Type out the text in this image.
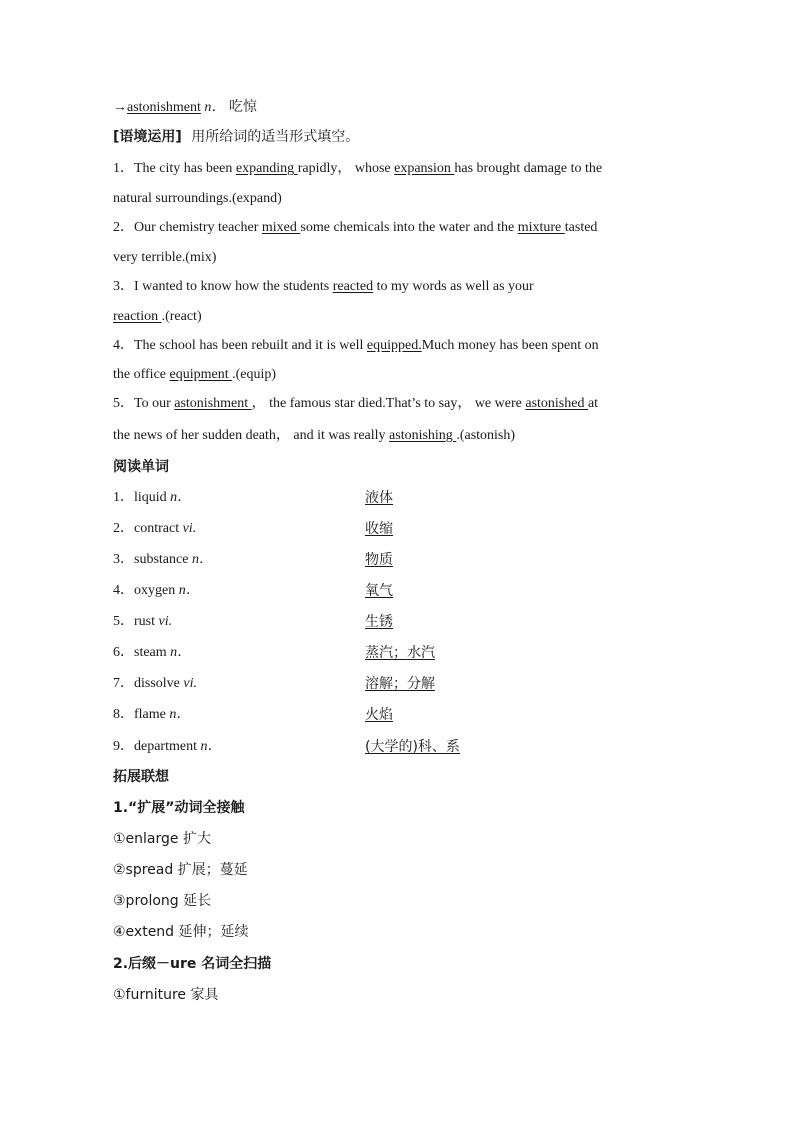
→astonishment n． 吃惊
[语境运用] 用所给词的适当形式填空。
1．The city has been expanding rapidly， whose expansion has brought damage to the
natural surroundings.(expand)
2．Our chemistry teacher mixed some chemicals into the water and the mixture tasted
very terrible.(mix)
3．I wanted to know how the students reacted to my words as well as your
reaction .(react)
4．The school has been rebuilt and it is well equipped.Much money has been spent on
the office equipment .(equip)
5．To our astonishment ， the famous star died.That’s to say， we were astonished at
the news of her sudden death， and it was really astonishing .(astonish)
阅读单词
1．liquid n．	液体
2．contract vi.	收缩
3．substance n．	物质
4．oxygen n．	氧气
5．rust vi.	生锈
6．steam n．	蒸汽；水汽
7．dissolve vi.	溶解；分解
8．flame n．	火焰
9．department n．	(大学的)科、系
拓展联想
1.“扩展”动词全接触
①enlarge 扩大
②spread 扩展；蔓延
③prolong 延长
④extend 延伸；延续
2.后缀－ure 名词全扫描
①furniture 家具
